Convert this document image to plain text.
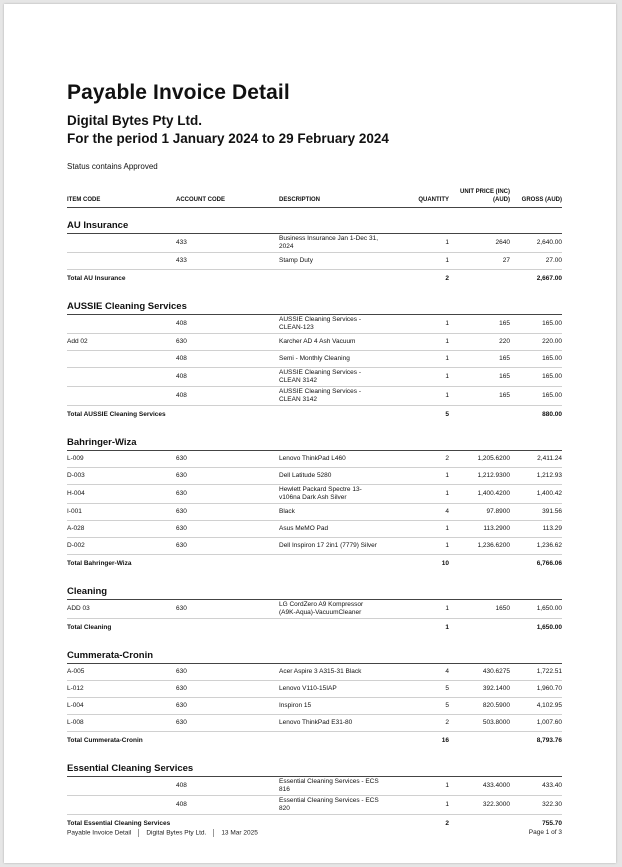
Payable Invoice Detail
Digital Bytes Pty Ltd.
For the period 1 January 2024 to 29 February 2024
Status contains Approved
ITEM CODE	ACCOUNT CODE	DESCRIPTION	QUANTITY	UNIT PRICE (INC) (AUD)	GROSS (AUD)
AU Insurance					
	433	Business Insurance Jan 1-Dec 31, 2024	1	2640	2,640.00
	433	Stamp Duty	1	27	27.00
Total AU Insurance			2		2,667.00
AUSSIE Cleaning Services					
	408	AUSSIE Cleaning Services - CLEAN-123	1	165	165.00
Add 02	630	Karcher AD 4 Ash Vacuum	1	220	220.00
	408	Semi - Monthly Cleaning	1	165	165.00
	408	AUSSIE Cleaning Services - CLEAN 3142	1	165	165.00
	408	AUSSIE Cleaning Services - CLEAN 3142	1	165	165.00
Total AUSSIE Cleaning Services			5		880.00
Bahringer-Wiza					
L-009	630	Lenovo ThinkPad L460	2	1,205.6200	2,411.24
D-003	630	Dell Latitude 5280	1	1,212.9300	1,212.93
H-004	630	Hewlett Packard Spectre 13-v106na Dark Ash Silver	1	1,400.4200	1,400.42
I-001	630	Black	4	97.8900	391.56
A-028	630	Asus MeMO Pad	1	113.2900	113.29
D-002	630	Dell Inspiron 17 2in1 (7779) Silver	1	1,236.6200	1,236.62
Total Bahringer-Wiza			10		6,766.06
Cleaning					
ADD 03	630	LG CordZero A9 Kompressor (A9K-Aqua)-VacuumCleaner	1	1650	1,650.00
Total Cleaning			1		1,650.00
Cummerata-Cronin					
A-005	630	Acer Aspire 3 A315-31 Black	4	430.6275	1,722.51
L-012	630	Lenovo V110-15IAP	5	392.1400	1,960.70
L-004	630	Inspiron 15	5	820.5900	4,102.95
L-008	630	Lenovo ThinkPad E31-80	2	503.8000	1,007.60
Total Cummerata-Cronin			16		8,793.76
Essential Cleaning Services					
	408	Essential Cleaning Services - ECS 816	1	433.4000	433.40
	408	Essential Cleaning Services - ECS 820	1	322.3000	322.30
Total Essential Cleaning Services			2		755.70
Payable Invoice Detail Digital Bytes Pty Ltd. 13 Mar 2025	Page 1 of 3
